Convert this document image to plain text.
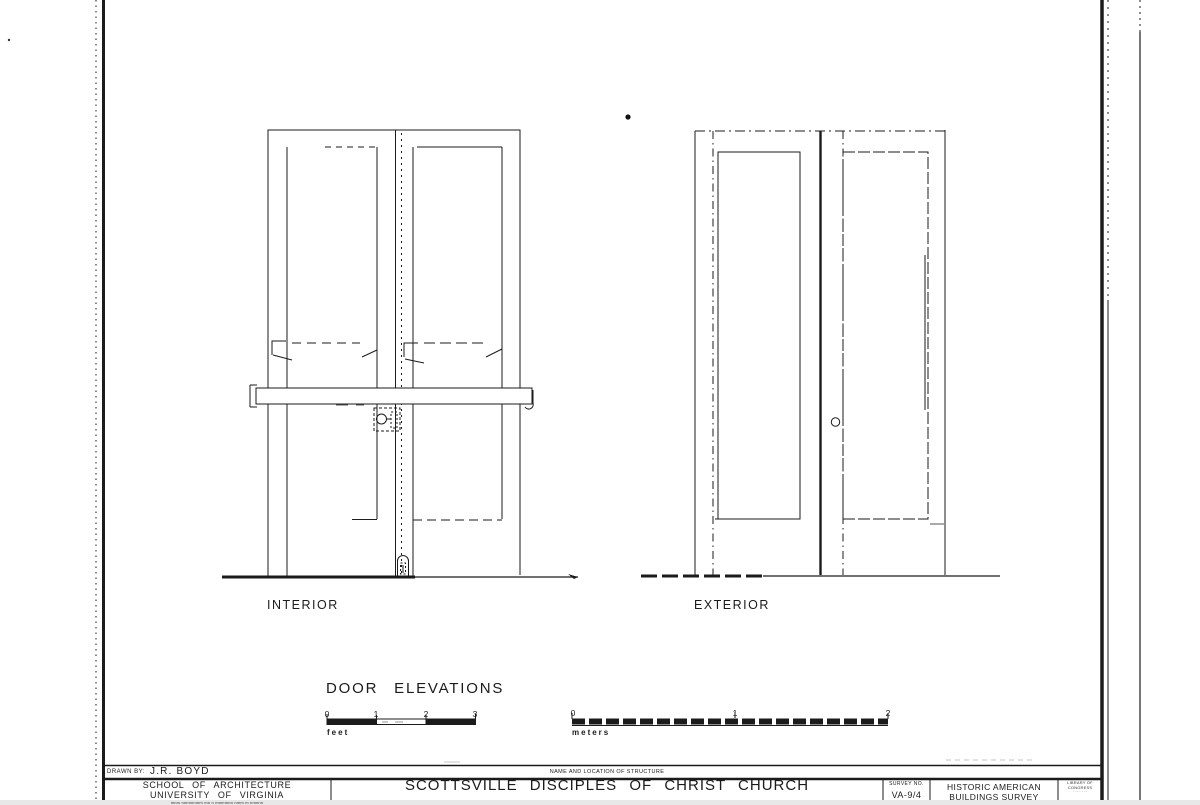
INTERIOR	EXTERIOR
DOOR ELEVATIONS
0	1	2	3
feet
0	1	2
meters
DRAWN BY: J.R. BOYD
SCHOOL OF ARCHITECTURE
UNIVERSITY OF VIRGINIA
mnm nmmnnmm mn n mnmmnn nmm m nmnnn
NAME AND LOCATION OF STRUCTURE
SCOTTSVILLE DISCIPLES OF CHRIST CHURCH	SURVEY NO.
VA-9/4
HISTORIC AMERICAN
BUILDINGS SURVEY
LIBRARY OF CONGRESS
· ·· · · ··
